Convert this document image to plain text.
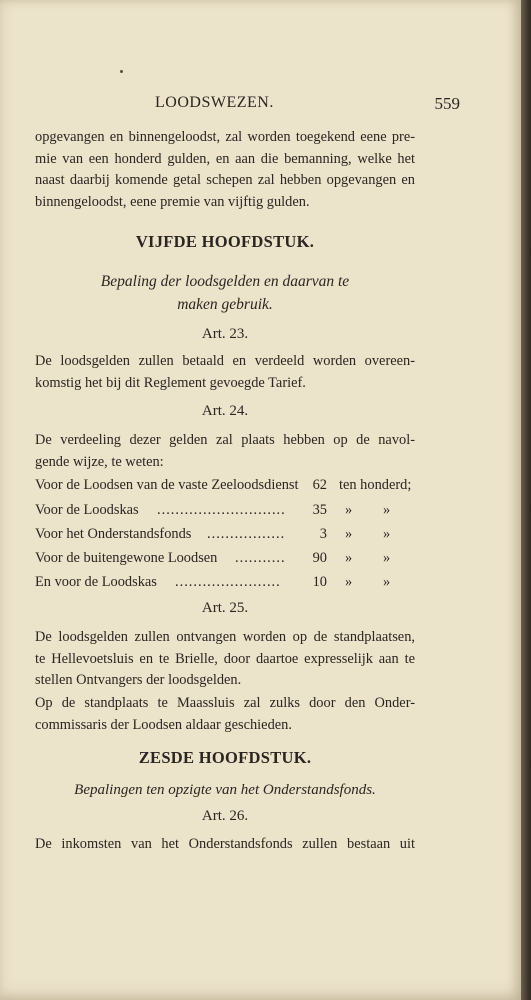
LOODSWEZEN.	559
opgevangen en binnengeloodst, zal worden toegekend eene pre-
mie van een honderd gulden, en aan die bemanning, welke het
naast daarbij komende getal schepen zal hebben opgevangen en
binnengeloodst, eene premie van vijftig gulden.
VIJFDE HOOFDSTUK.
Bepaling der loodsgelden en daarvan te
maken gebruik.
Art. 23.
De loodsgelden zullen betaald en verdeeld worden overeen-
komstig het bij dit Reglement gevoegde Tarief.
Art. 24.
De verdeeling dezer gelden zal plaats hebben op de navol-
gende wijze, te weten:
Voor de Loodsen van de vaste Zeeloodsdienst 62 ten honderd;
Voor de Loodskas ............................	35 » »
Voor het Onderstandsfonds .................	3 » »
Voor de buitengewone Loodsen ...........	90 » »
En voor de Loodskas .......................	10 » »
Art. 25.
De loodsgelden zullen ontvangen worden op de standplaatsen,
te Hellevoetsluis en te Brielle, door daartoe expresselijk aan te
stellen Ontvangers der loodsgelden.
Op de standplaats te Maassluis zal zulks door den Onder-
commissaris der Loodsen aldaar geschieden.
ZESDE HOOFDSTUK.
Bepalingen ten opzigte van het Onderstandsfonds.
Art. 26.
De inkomsten van het Onderstandsfonds zullen bestaan uit
